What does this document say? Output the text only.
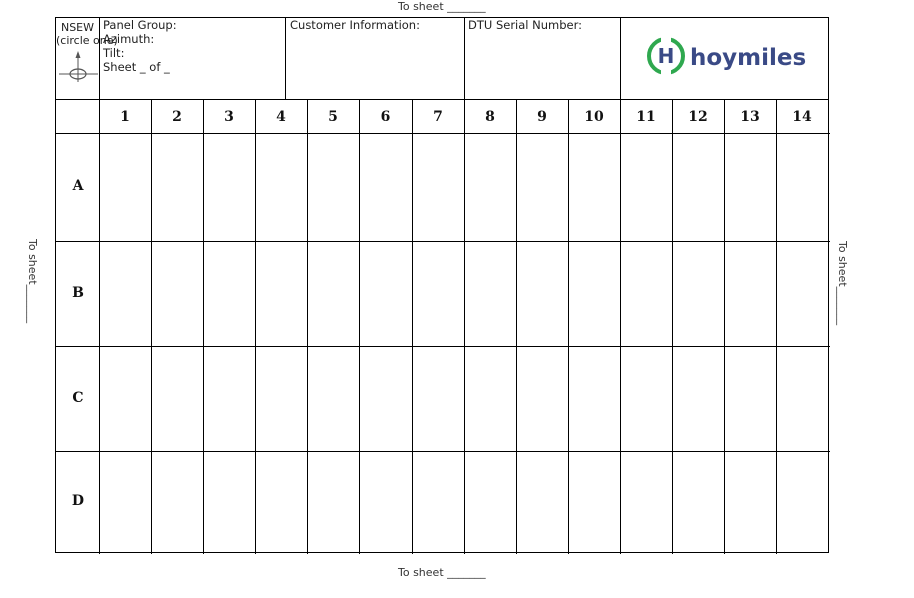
To sheet _______
To sheet _______
To sheet_______	To sheet_______
NSEW
(circle one)
Panel Group:
Azimuth:
Tilt:
Sheet _ of _
Customer Information:	DTU Serial Number:
H hoymiles
1	2	3	4	5	6	7	8	9	10	11	12	13	14
A
B
C
D
